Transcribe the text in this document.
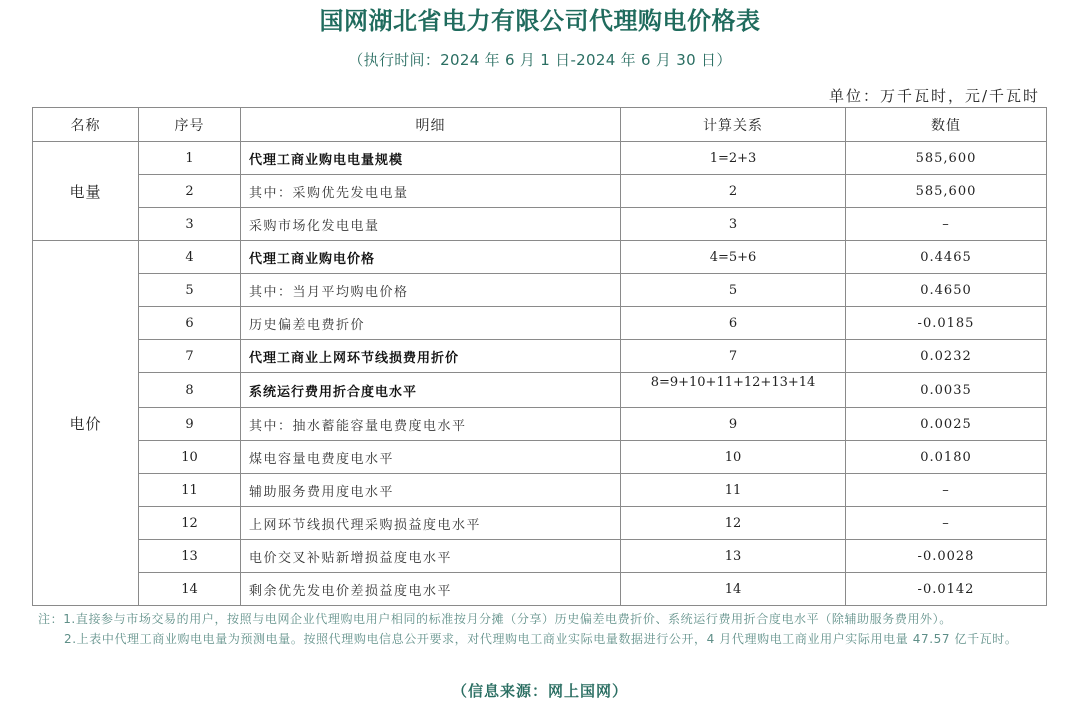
国网湖北省电力有限公司代理购电价格表
（执行时间：2024 年 6 月 1 日-2024 年 6 月 30 日）
单位：万千瓦时，元/千瓦时
名称	序号	明细	计算关系	数值
电量	1	代理工商业购电电量规模	1=2+3	585,600
	2	其中：采购优先发电电量	2	585,600
	3	采购市场化发电电量	3	–
电价	4	代理工商业购电价格	4=5+6	0.4465
	5	其中：当月平均购电价格	5	0.4650
	6	历史偏差电费折价	6	-0.0185
	7	代理工商业上网环节线损费用折价	7	0.0232
	8	系统运行费用折合度电水平	8=9+10+11+12+13+14	0.0035
	9	其中：抽水蓄能容量电费度电水平	9	0.0025
	10	煤电容量电费度电水平	10	0.0180
	11	辅助服务费用度电水平	11	–
	12	上网环节线损代理采购损益度电水平	12	–
	13	电价交叉补贴新增损益度电水平	13	-0.0028
	14	剩余优先发电价差损益度电水平	14	-0.0142
注：1.直接参与市场交易的用户，按照与电网企业代理购电用户相同的标准按月分摊（分享）历史偏差电费折价、系统运行费用折合度电水平（除辅助服务费用外）。
2.上表中代理工商业购电电量为预测电量。按照代理购电信息公开要求，对代理购电工商业实际电量数据进行公开，4 月代理购电工商业用户实际用电量 47.57 亿千瓦时。
（信息来源：网上国网）
